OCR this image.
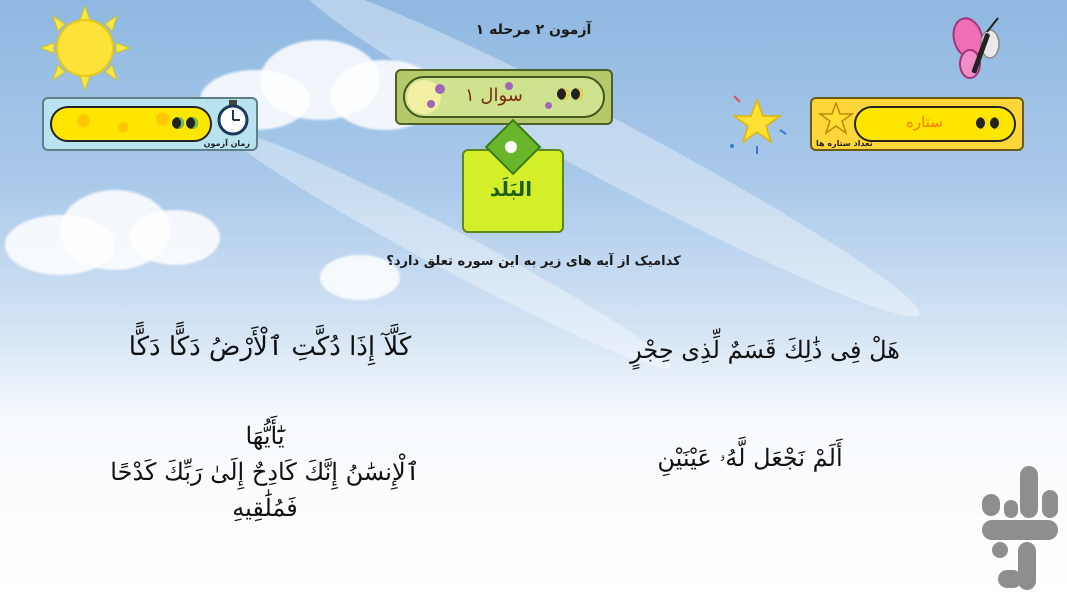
آزمون ۲ مرحله ۱
زمان آزمون
سوال ۱
ستاره
تعداد ستاره ها
البَلَد
کدامیک از آیه های زیر به این سوره تعلق دارد؟
كَلَّآ إِذَا دُكَّتِ ٱلْأَرْضُ دَكًّا دَكًّا	هَلْ فِى ذَٰلِكَ قَسَمٌ لِّذِى حِجْرٍ
يَٰٓأَيُّهَا
ٱلْإِنسَٰنُ إِنَّكَ كَادِحٌ إِلَىٰ رَبِّكَ كَدْحًا فَمُلَٰقِيهِ
أَلَمْ نَجْعَل لَّهُۥ عَيْنَيْنِ
